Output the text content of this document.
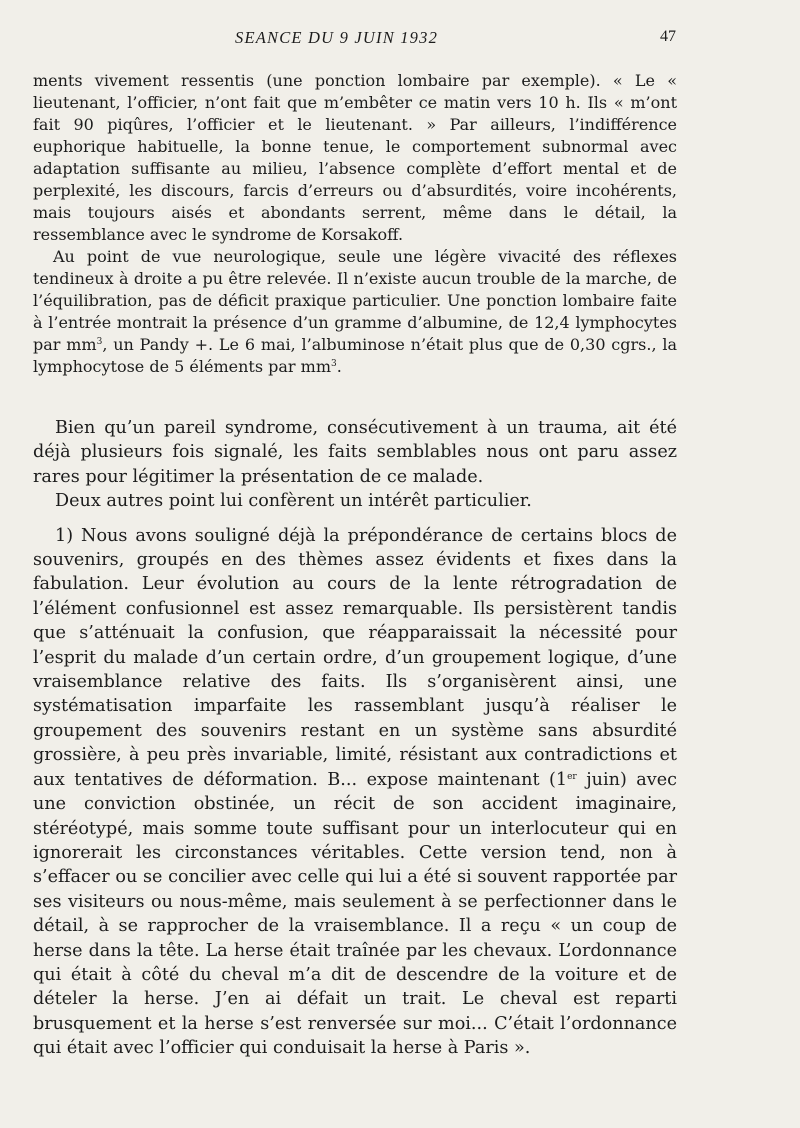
SEANCE DU 9 JUIN 1932	47

ments vivement ressentis (une ponction lombaire par exemple). « Le « lieutenant, l’officier, n’ont fait que m’embêter ce matin vers 10 h. Ils « m’ont fait 90 piqûres, l’officier et le lieutenant. » Par ailleurs, l’indifférence euphorique habituelle, la bonne tenue, le comportement subnormal avec adaptation suffisante au milieu, l’absence complète d’effort mental et de perplexité, les discours, farcis d’erreurs ou d’absurdités, voire incohérents, mais toujours aisés et abondants serrent, même dans le détail, la ressemblance avec le syndrome de Korsakoff.

Au point de vue neurologique, seule une légère vivacité des réflexes tendineux à droite a pu être relevée. Il n’existe aucun trouble de la marche, de l’équilibration, pas de déficit praxique particulier. Une ponction lombaire faite à l’entrée montrait la présence d’un gramme d’albumine, de 12,4 lymphocytes par $mm^3$, un Pandy +. Le 6 mai, l’albuminose n’était plus que de 0,30 cgrs., la lymphocytose de 5 éléments par $mm^3$.

Bien qu’un pareil syndrome, consécutivement à un trauma, ait été déjà plusieurs fois signalé, les faits semblables nous ont paru assez rares pour légitimer la présentation de ce malade.

Deux autres point lui confèrent un intérêt particulier.

1) Nous avons souligné déjà la prépondérance de certains blocs de souvenirs, groupés en des thèmes assez évidents et fixes dans la fabulation. Leur évolution au cours de la lente rétrogradation de l’élément confusionnel est assez remarquable. Ils persistèrent tandis que s’atténuait la confusion, que réapparaissait la nécessité pour l’esprit du malade d’un certain ordre, d’un groupement logique, d’une vraisemblance relative des faits. Ils s’organisèrent ainsi, une systématisation imparfaite les rassemblant jusqu’à réaliser le groupement des souvenirs restant en un système sans absurdité grossière, à peu près invariable, limité, résistant aux contradictions et aux tentatives de déformation. B... expose maintenant (1er juin) avec une conviction obstinée, un récit de son accident imaginaire, stéréotypé, mais somme toute suffisant pour un interlocuteur qui en ignorerait les circonstances véritables. Cette version tend, non à s’effacer ou se concilier avec celle qui lui a été si souvent rapportée par ses visiteurs ou nous-même, mais seulement à se perfectionner dans le détail, à se rapprocher de la vraisemblance. Il a reçu « un coup de herse dans la tête. La herse était traînée par les chevaux. L’ordonnance qui était à côté du cheval m’a dit de descendre de la voiture et de dételer la herse. J’en ai défait un trait. Le cheval est reparti brusquement et la herse s’est renversée sur moi... C’était l’ordonnance qui était avec l’officier qui conduisait la herse à Paris ».
